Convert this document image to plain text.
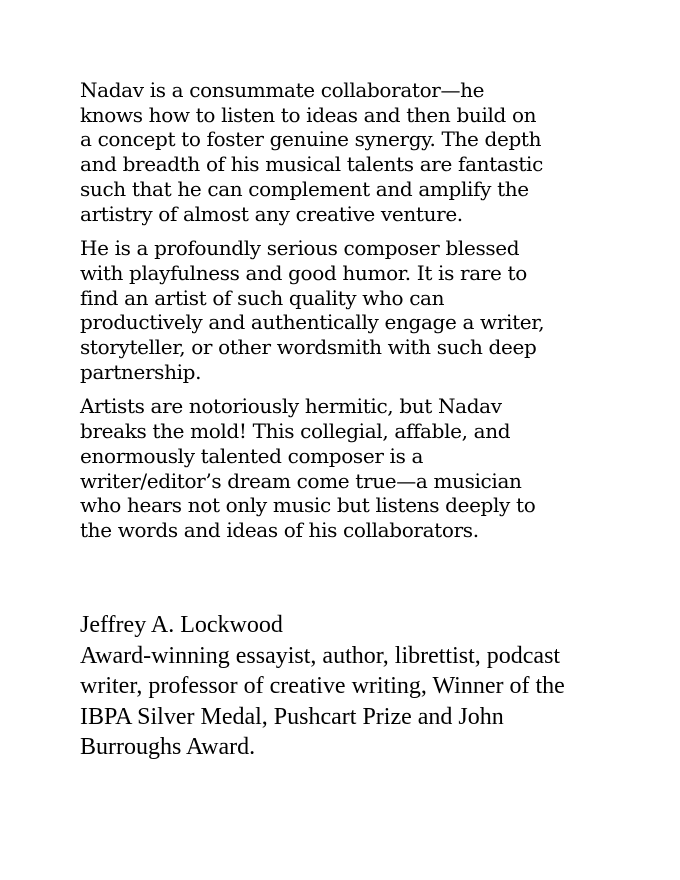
Nadav is a consummate collaborator—he
knows how to listen to ideas and then build on
a concept to foster genuine synergy. The depth
and breadth of his musical talents are fantastic
such that he can complement and amplify the
artistry of almost any creative venture.

He is a profoundly serious composer blessed
with playfulness and good humor. It is rare to
find an artist of such quality who can
productively and authentically engage a writer,
storyteller, or other wordsmith with such deep
partnership.

Artists are notoriously hermitic, but Nadav
breaks the mold! This collegial, affable, and
enormously talented composer is a
writer/editor’s dream come true—a musician
who hears not only music but listens deeply to
the words and ideas of his collaborators.

Jeffrey A. Lockwood

Award-winning essayist, author, librettist, podcast
writer, professor of creative writing, Winner of the
IBPA Silver Medal, Pushcart Prize and John
Burroughs Award.
